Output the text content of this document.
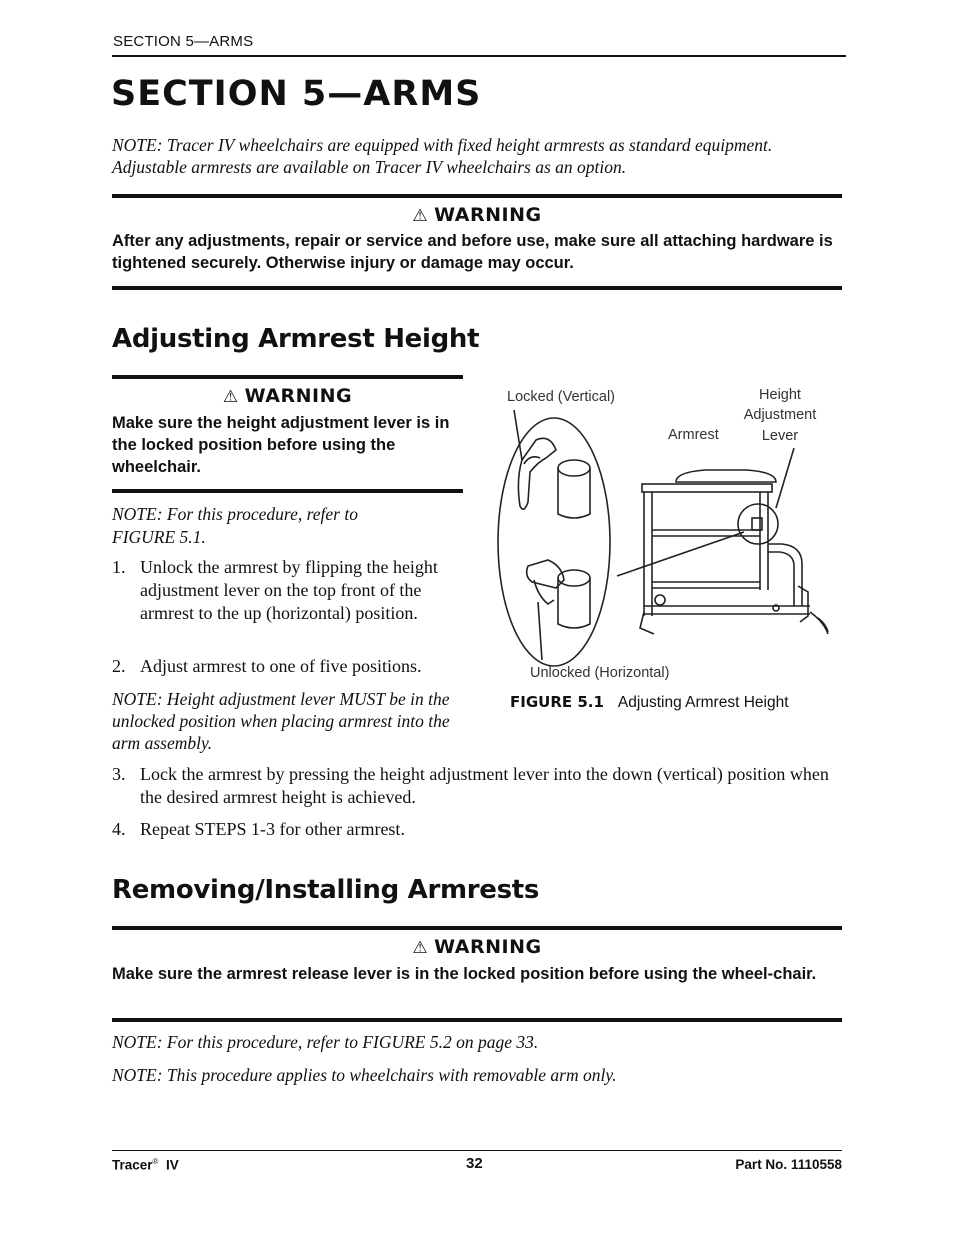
SECTION 5—ARMS
SECTION 5—ARMS
NOTE: Tracer IV wheelchairs are equipped with fixed height armrests as standard equipment. Adjustable armrests are available on Tracer IV wheelchairs as an option.
⚠ WARNING
After any adjustments, repair or service and before use, make sure all attaching hardware is tightened securely. Otherwise injury or damage may occur.
Adjusting Armrest Height
⚠ WARNING
Make sure the height adjustment lever is in the locked position before using the wheelchair.
NOTE: For this procedure, refer to FIGURE 5.1.
1. Unlock the armrest by flipping the height adjustment lever on the top front of the armrest to the up (horizontal) position.
2. Adjust armrest to one of five positions.
NOTE: Height adjustment lever MUST be in the unlocked position when placing armrest into the arm assembly.
3. Lock the armrest by pressing the height adjustment lever into the down (vertical) position when the desired armrest height is achieved.
4. Repeat STEPS 1-3 for other armrest.
Locked (Vertical)
Armrest
Height
Adjustment
Lever
Unlocked (Horizontal)
FIGURE 5.1 Adjusting Armrest Height
Removing/Installing Armrests
⚠ WARNING
Make sure the armrest release lever is in the locked position before using the wheel-chair.
NOTE: For this procedure, refer to FIGURE 5.2 on page 33.
NOTE: This procedure applies to wheelchairs with removable arm only.
Tracer® IV	32	Part No. 1110558
